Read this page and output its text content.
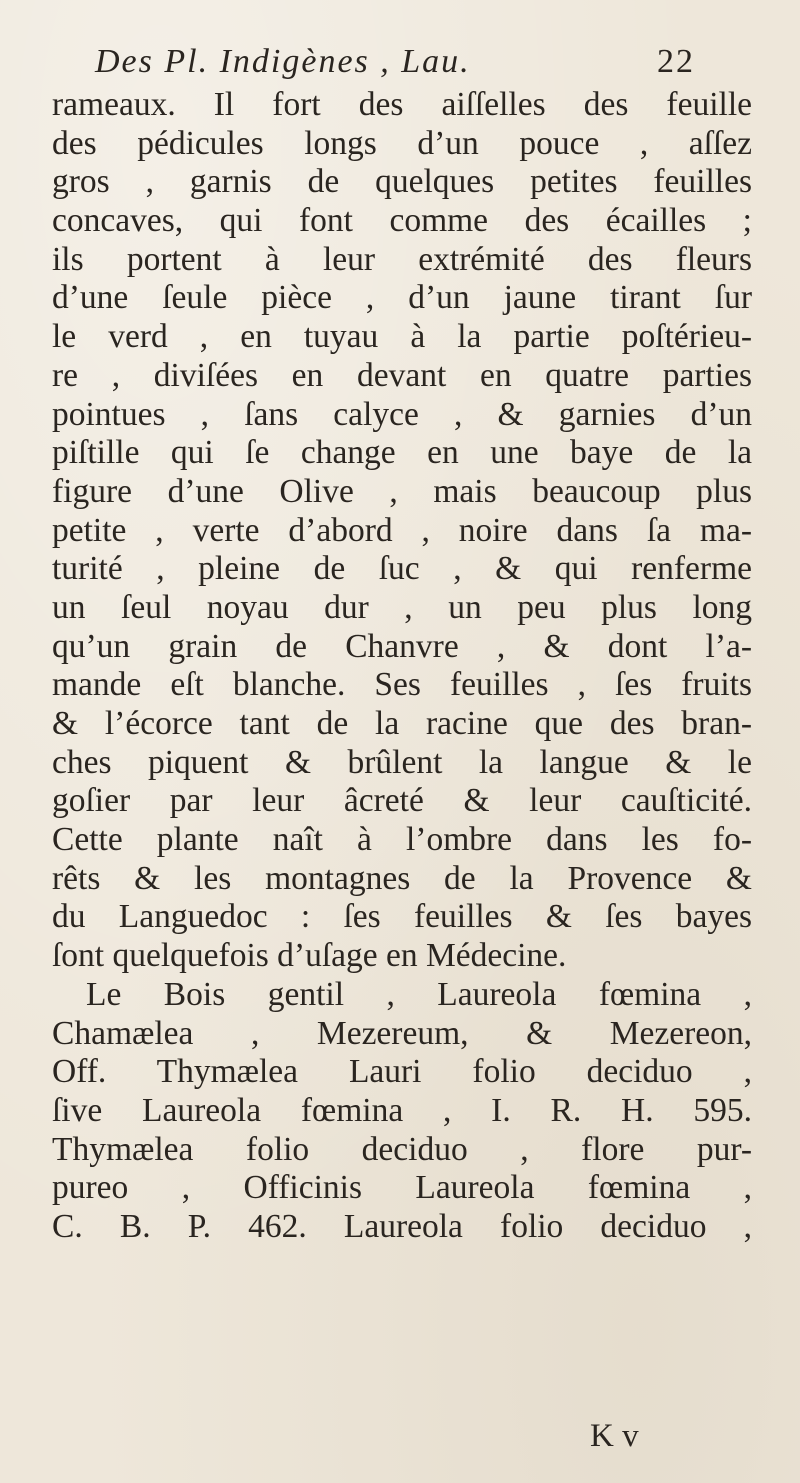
Des Pl. Indigènes , Lau.	22
rameaux. Il fort des aiſſelles des feuille
des pédicules longs d’un pouce , aſſez
gros , garnis de quelques petites feuilles
concaves, qui font comme des écailles ;
ils portent à leur extrémité des fleurs
d’une ſeule pièce , d’un jaune tirant ſur
le verd , en tuyau à la partie poſtérieu-
re , diviſées en devant en quatre parties
pointues , ſans calyce , & garnies d’un
piſtille qui ſe change en une baye de la
figure d’une Olive , mais beaucoup plus
petite , verte d’abord , noire dans ſa ma-
turité , pleine de ſuc , & qui renferme
un ſeul noyau dur , un peu plus long
qu’un grain de Chanvre , & dont l’a-
mande eſt blanche. Ses feuilles , ſes fruits
& l’écorce tant de la racine que des bran-
ches piquent & brûlent la langue & le
goſier par leur âcreté & leur cauſticité.
Cette plante naît à l’ombre dans les fo-
rêts & les montagnes de la Provence &
du Languedoc : ſes feuilles & ſes bayes
ſont quelquefois d’uſage en Médecine.
Le Bois gentil , Laureola fœmina ,
Chamælea , Mezereum, & Mezereon,
Off. Thymælea Lauri folio deciduo ,
ſive Laureola fœmina , I. R. H. 595.
Thymælea folio deciduo , flore pur-
pureo , Officinis Laureola fœmina ,
C. B. P. 462. Laureola folio deciduo ,
K v
